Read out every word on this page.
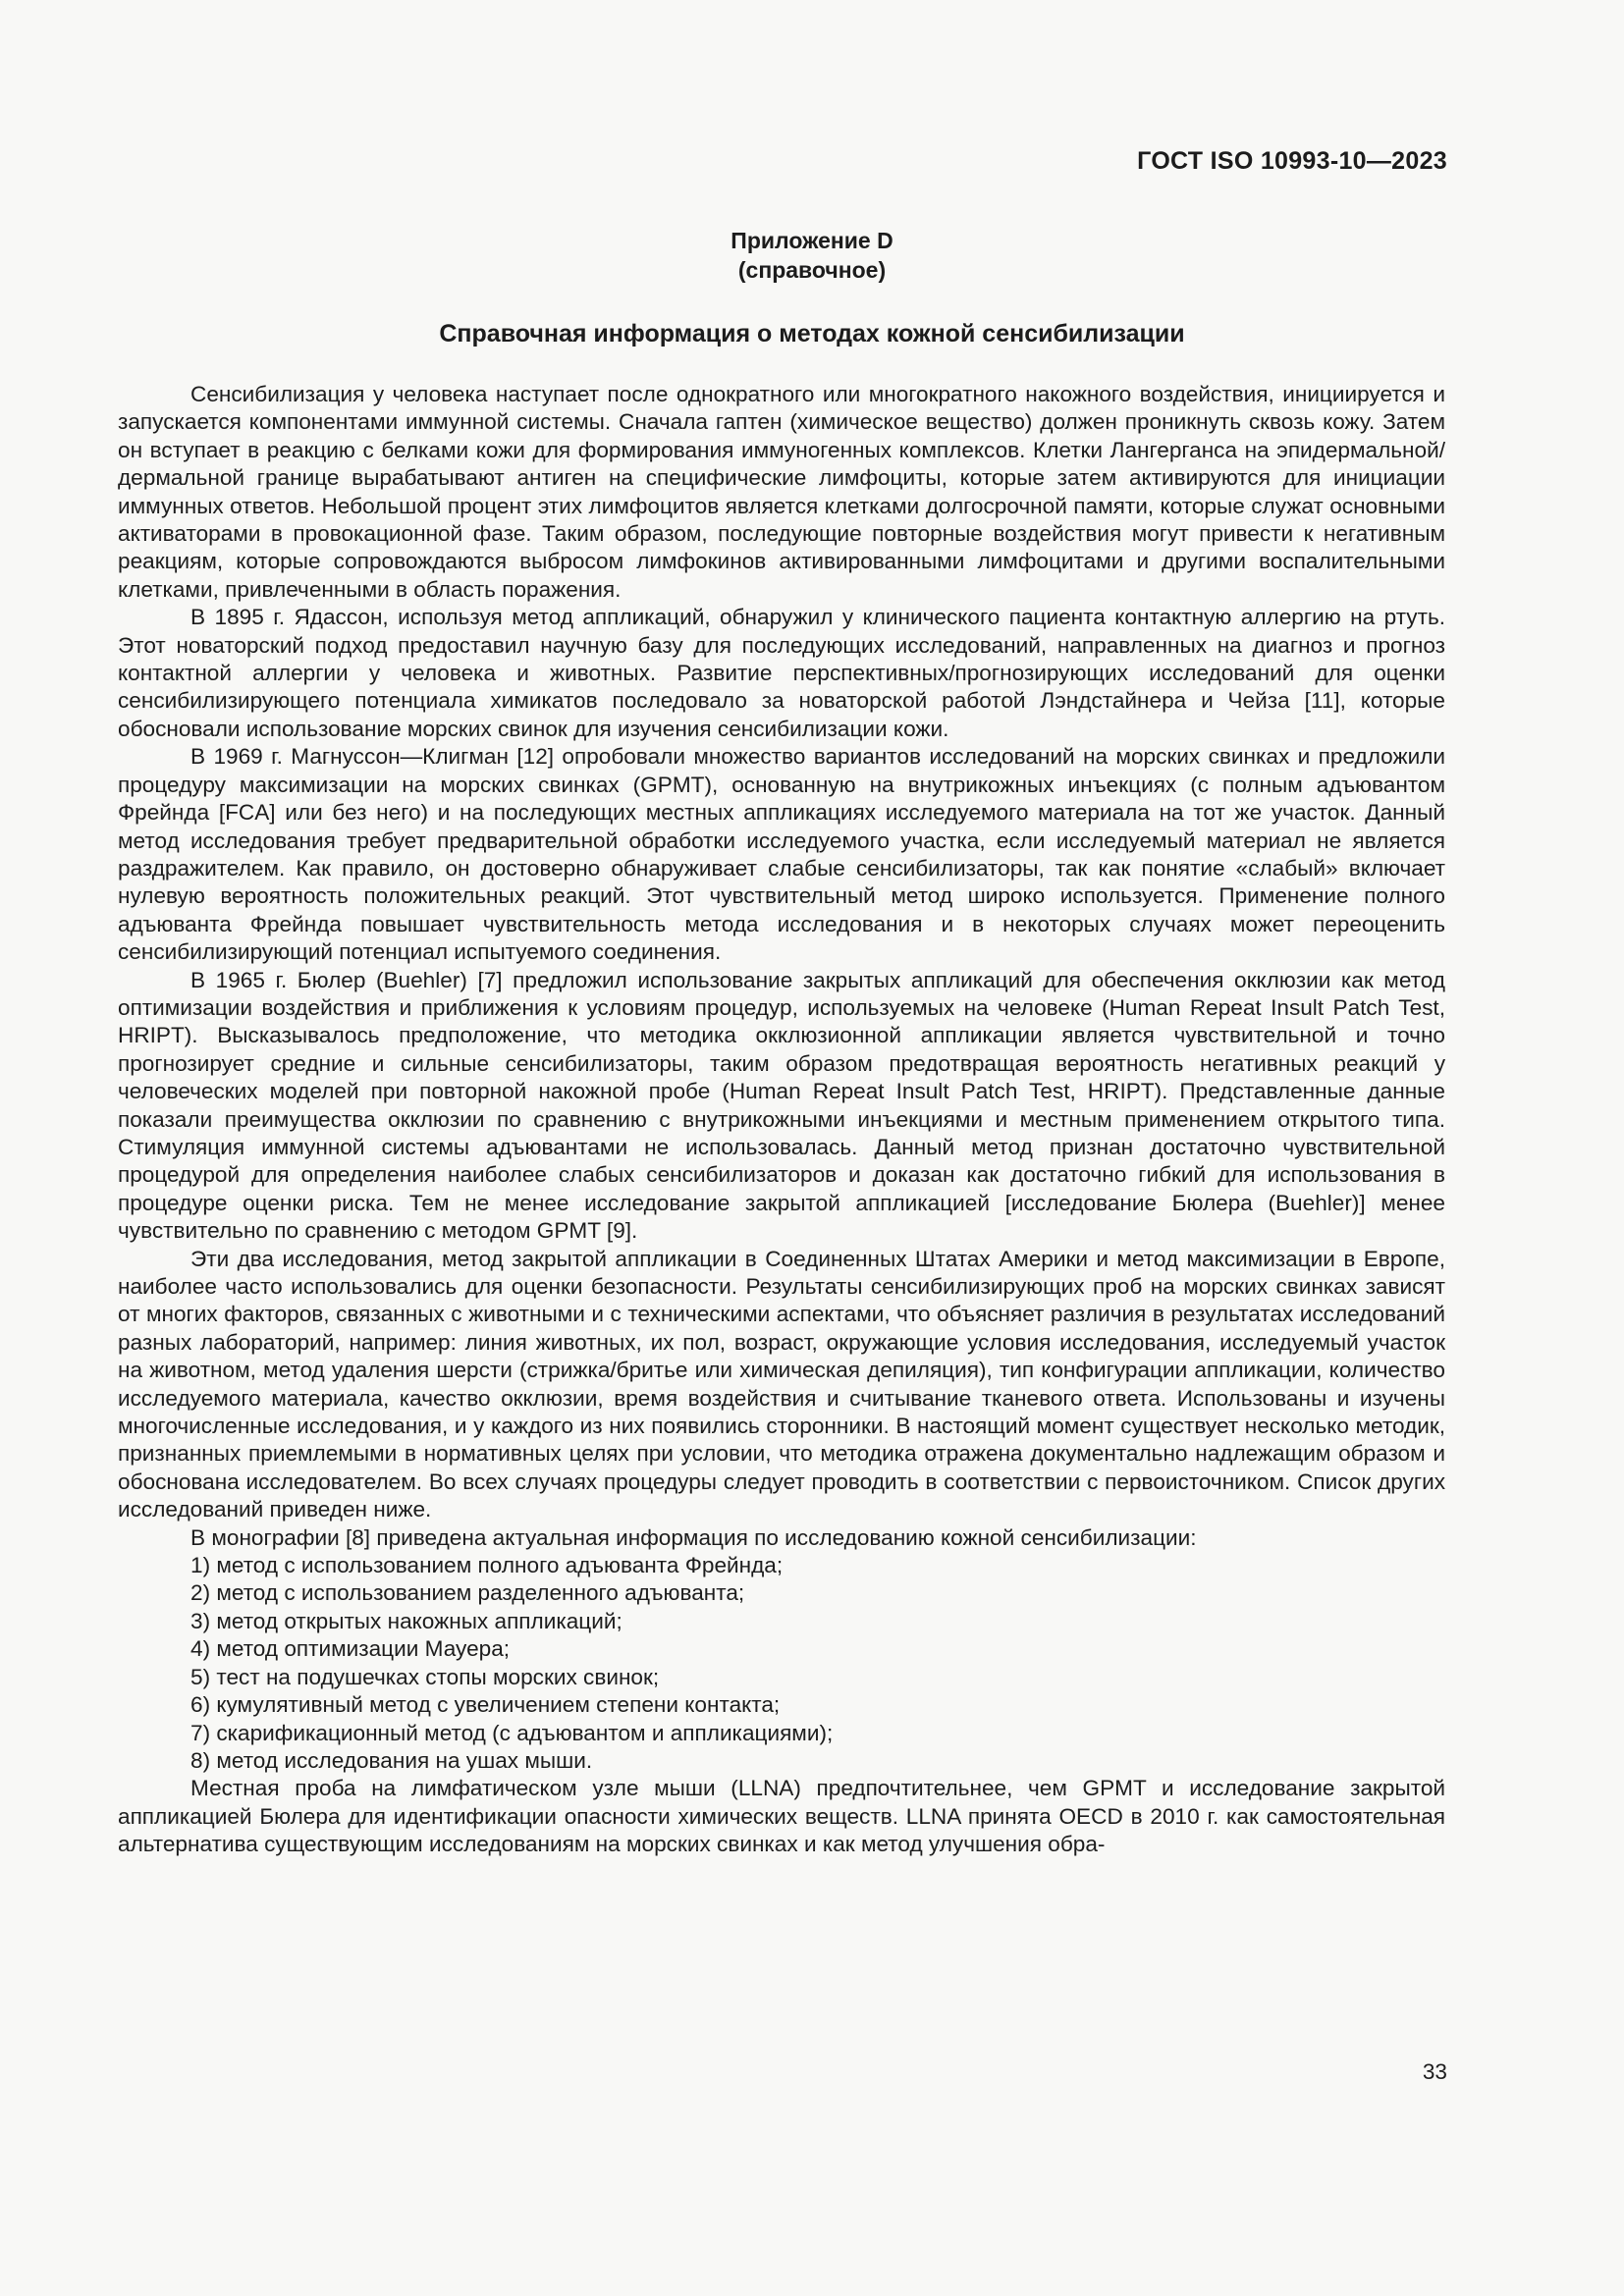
ГОСТ ISO 10993-10—2023
Приложение D
(справочное)
Справочная информация о методах кожной сенсибилизации

Сенсибилизация у человека наступает после однократного или многократного накожного воздействия, инициируется и запускается компонентами иммунной системы. Сначала гаптен (химическое вещество) должен проникнуть сквозь кожу. Затем он вступает в реакцию с белками кожи для формирования иммуногенных комплексов. Клетки Лангерганса на эпидермальной/дермальной границе вырабатывают антиген на специфические лимфоциты, которые затем активируются для инициации иммунных ответов. Небольшой процент этих лимфоцитов является клетками долгосрочной памяти, которые служат основными активаторами в провокационной фазе. Таким образом, последующие повторные воздействия могут привести к негативным реакциям, которые сопровождаются выбросом лимфокинов активированными лимфоцитами и другими воспалительными клетками, привлеченными в область поражения.

В 1895 г. Ядассон, используя метод аппликаций, обнаружил у клинического пациента контактную аллергию на ртуть. Этот новаторский подход предоставил научную базу для последующих исследований, направленных на диагноз и прогноз контактной аллергии у человека и животных. Развитие перспективных/прогнозирующих исследований для оценки сенсибилизирующего потенциала химикатов последовало за новаторской работой Лэндстайнера и Чейза [11], которые обосновали использование морских свинок для изучения сенсибилизации кожи.

В 1969 г. Магнуссон—Клигман [12] опробовали множество вариантов исследований на морских свинках и предложили процедуру максимизации на морских свинках (GPMT), основанную на внутрикожных инъекциях (с полным адъювантом Фрейнда [FCA] или без него) и на последующих местных аппликациях исследуемого материала на тот же участок. Данный метод исследования требует предварительной обработки исследуемого участка, если исследуемый материал не является раздражителем. Как правило, он достоверно обнаруживает слабые сенсибилизаторы, так как понятие «слабый» включает нулевую вероятность положительных реакций. Этот чувствительный метод широко используется. Применение полного адъюванта Фрейнда повышает чувствительность метода исследования и в некоторых случаях может переоценить сенсибилизирующий потенциал испытуемого соединения.

В 1965 г. Бюлер (Buehler) [7] предложил использование закрытых аппликаций для обеспечения окклюзии как метод оптимизации воздействия и приближения к условиям процедур, используемых на человеке (Human Repeat Insult Patch Test, HRIPT). Высказывалось предположение, что методика окклюзионной аппликации является чувствительной и точно прогнозирует средние и сильные сенсибилизаторы, таким образом предотвращая вероятность негативных реакций у человеческих моделей при повторной накожной пробе (Human Repeat Insult Patch Test, HRIPT). Представленные данные показали преимущества окклюзии по сравнению с внутрикожными инъекциями и местным применением открытого типа. Стимуляция иммунной системы адъювантами не использовалась. Данный метод признан достаточно чувствительной процедурой для определения наиболее слабых сенсибилизаторов и доказан как достаточно гибкий для использования в процедуре оценки риска. Тем не менее исследование закрытой аппликацией [исследование Бюлера (Buehler)] менее чувствительно по сравнению с методом GPMT [9].

Эти два исследования, метод закрытой аппликации в Соединенных Штатах Америки и метод максимизации в Европе, наиболее часто использовались для оценки безопасности. Результаты сенсибилизирующих проб на морских свинках зависят от многих факторов, связанных с животными и с техническими аспектами, что объясняет различия в результатах исследований разных лабораторий, например: линия животных, их пол, возраст, окружающие условия исследования, исследуемый участок на животном, метод удаления шерсти (стрижка/бритье или химическая депиляция), тип конфигурации аппликации, количество исследуемого материала, качество окклюзии, время воздействия и считывание тканевого ответа. Использованы и изучены многочисленные исследования, и у каждого из них появились сторонники. В настоящий момент существует несколько методик, признанных приемлемыми в нормативных целях при условии, что методика отражена документально надлежащим образом и обоснована исследователем. Во всех случаях процедуры следует проводить в соответствии с первоисточником. Список других исследований приведен ниже.

В монографии [8] приведена актуальная информация по исследованию кожной сенсибилизации:

1) метод с использованием полного адъюванта Фрейнда;
2) метод с использованием разделенного адъюванта;
3) метод открытых накожных аппликаций;
4) метод оптимизации Мауера;
5) тест на подушечках стопы морских свинок;
6) кумулятивный метод с увеличением степени контакта;
7) скарификационный метод (с адъювантом и аппликациями);
8) метод исследования на ушах мыши.

Местная проба на лимфатическом узле мыши (LLNA) предпочтительнее, чем GPMT и исследование закрытой аппликацией Бюлера для идентификации опасности химических веществ. LLNA принята OECD в 2010 г. как самостоятельная альтернатива существующим исследованиям на морских свинках и как метод улучшения обра-

33
